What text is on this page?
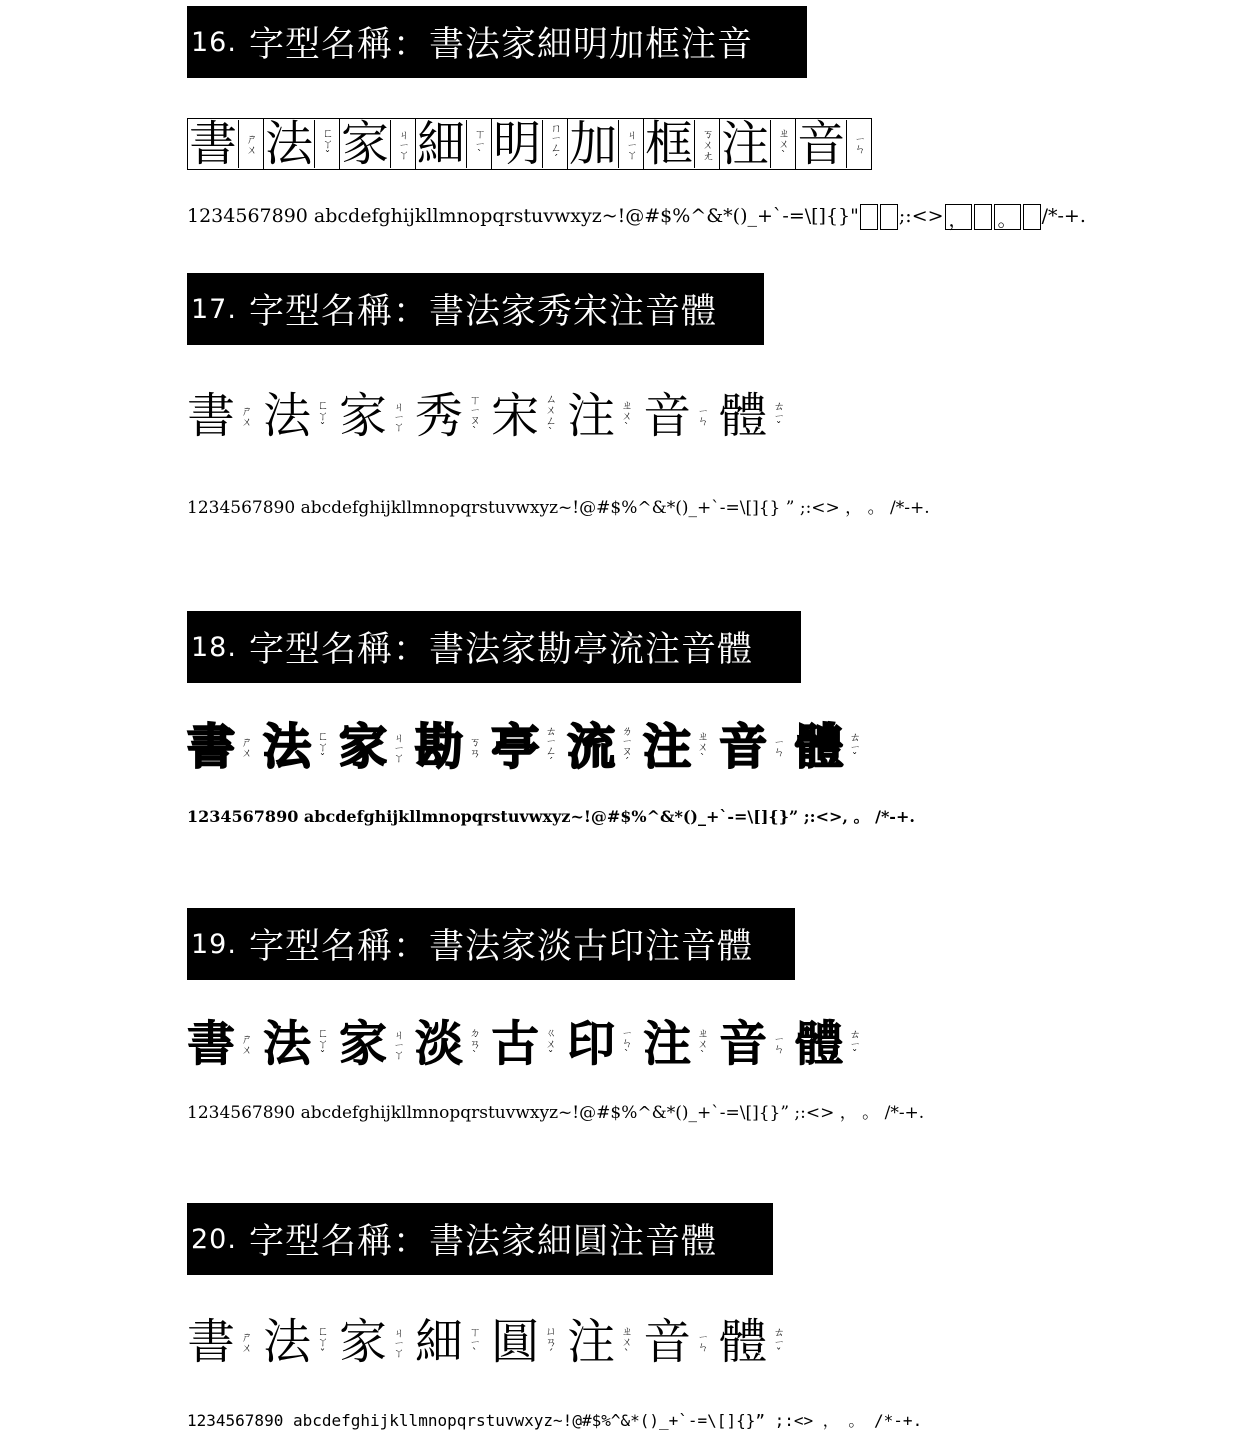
16. 字型名稱：書法家細明加框注音
書 ㄕㄨ 法 ㄈㄚˇ 家 ㄐㄧㄚ 細 ㄒㄧˋ 明 ㄇㄧㄥˊ 加 ㄐㄧㄚ 框 ㄎㄨㄤ 注 ㄓㄨˋ 音 ㄧㄣ
1234567890 abcdefghijkllmnopqrstuvwxyz~!@#$%^&*()_+`-=\[]{}" ;:<> ， 。 /*-+.
17. 字型名稱：書法家秀宋注音體
書 ㄕㄨ 法 ㄈㄚˇ 家 ㄐㄧㄚ 秀 ㄒㄧㄡˋ 宋 ㄙㄨㄥˋ 注 ㄓㄨˋ 音 ㄧㄣ 體 ㄊㄧˇ
1234567890 abcdefghijkllmnopqrstuvwxyz~!@#$%^&*()_+`-=\[]{} ” ;:<> ， 。 /*-+.
18. 字型名稱：書法家勘亭流注音體
書 ㄕㄨ 法 ㄈㄚˇ 家 ㄐㄧㄚ 勘 ㄎㄢ 亭 ㄊㄧㄥˊ 流 ㄌㄧㄡˊ 注 ㄓㄨˋ 音 ㄧㄣ 體 ㄊㄧˇ
1234567890 abcdefghijkllmnopqrstuvwxyz~!@#$%^&*()_+`-=\[]{}” ;:<>, 。 /*-+.
19. 字型名稱：書法家淡古印注音體
書 ㄕㄨ 法 ㄈㄚˇ 家 ㄐㄧㄚ 淡 ㄉㄢˋ 古 ㄍㄨˇ 印 ㄧㄣˋ 注 ㄓㄨˋ 音 ㄧㄣ 體 ㄊㄧˇ
1234567890 abcdefghijkllmnopqrstuvwxyz~!@#$%^&*()_+`-=\[]{}” ;:<> ， 。 /*-+.
20. 字型名稱：書法家細圓注音體
書 ㄕㄨ 法 ㄈㄚˇ 家 ㄐㄧㄚ 細 ㄒㄧˋ 圓 ㄩㄢˊ 注 ㄓㄨˋ 音 ㄧㄣ 體 ㄊㄧˇ
1234567890 abcdefghijkllmnopqrstuvwxyz~!@#$%^&*()_+`-=\[]{}” ;:<> ， 。 /*-+.
